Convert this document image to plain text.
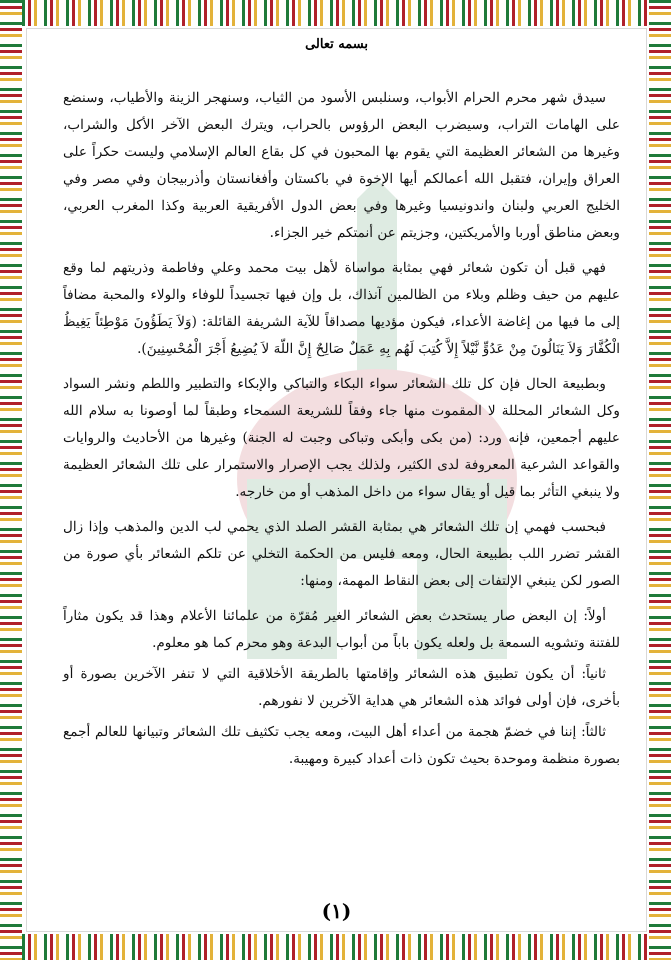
بسمه تعالى

سيدق شهر محرم الحرام الأبواب، وسنلبس الأسود من الثياب، وسنهجر الزينة والأطياب، وسنضع على الهامات التراب، وسيضرب البعض الرؤوس بالحراب، ويترك البعض الآخر الأكل والشراب، وغيرها من الشعائر العظيمة التي يقوم بها المحبون في كل بقاع العالم الإسلامي وليست حكراً على العراق وإيران، فتقبل الله أعمالكم أيها الإخوة في باكستان وأفغانستان وأذربيجان وفي مصر وفي الخليج العربي ولبنان واندونيسيا وغيرها وفي بعض الدول الأفريقية العربية وكذا المغرب العربي، وبعض مناطق أوربا والأمريكتين، وجزيتم عن أنمتكم خير الجزاء.

فهي قبل أن تكون شعائر فهي بمثابة مواساة لأهل بيت محمد وعلي وفاطمة وذريتهم لما وقع عليهم من حيف وظلم وبلاء من الظالمين آنذاك، بل وإن فيها تجسيداً للوفاء والولاء والمحبة مضافاً إلى ما فيها من إغاضة الأعداء، فيكون مؤديها مصداقاً للآية الشريفة القائلة: (وَلاَ يَطَؤُونَ مَوْطِئاً يَغِيظُ الْكُفَّارَ وَلاَ يَنَالُونَ مِنْ عَدُوٍّ نَّيْلاً إِلاَّ كُتِبَ لَهُم بِهِ عَمَلٌ صَالِحٌ إِنَّ اللّهَ لاَ يُضِيعُ أَجْرَ الْمُحْسِنِينَ).

وبطبيعة الحال فإن كل تلك الشعائر سواء البكاء والتباكي والإبكاء والتطبير واللطم ونشر السواد وكل الشعائر المحللة لا المقموت منها جاء وفقاً للشريعة السمحاء وطبقاً لما أوصونا به سلام الله عليهم أجمعين، فإنه ورد: (من بكى وأبكى وتباكى وجبت له الجنة) وغيرها من الأحاديث والروايات والقواعد الشرعية المعروفة لدى الكثير، ولذلك يجب الإصرار والاستمرار على تلك الشعائر العظيمة ولا ينبغي التأثر بما قيل أو يقال سواء من داخل المذهب أو من خارجه.

فبحسب فهمي إن تلك الشعائر هي بمثابة القشر الصلد الذي يحمي لب الدين والمذهب وإذا زال القشر تضرر اللب بطبيعة الحال، ومعه فليس من الحكمة التخلي عن تلكم الشعائر بأي صورة من الصور لكن ينبغي الإلتفات إلى بعض النقاط المهمة، ومنها:

أولاً: إن البعض صار يستحدث بعض الشعائر الغير مُقرّة من علمائنا الأعلام وهذا قد يكون مثاراً للفتنة وتشويه السمعة بل ولعله يكون باباً من أبواب البدعة وهو محرم كما هو معلوم.

ثانياً: أن يكون تطبيق هذه الشعائر وإقامتها بالطريقة الأخلاقية التي لا تنفر الآخرين بصورة أو بأخرى، فإن أولى فوائد هذه الشعائر هي هداية الآخرين لا نفورهم.

ثالثاً: إننا في خضمّ هجمة من أعداء أهل البيت، ومعه يجب تكثيف تلك الشعائر وتبيانها للعالم أجمع بصورة منظمة وموحدة بحيث تكون ذات أعداد كبيرة ومهيبة.

(١)
